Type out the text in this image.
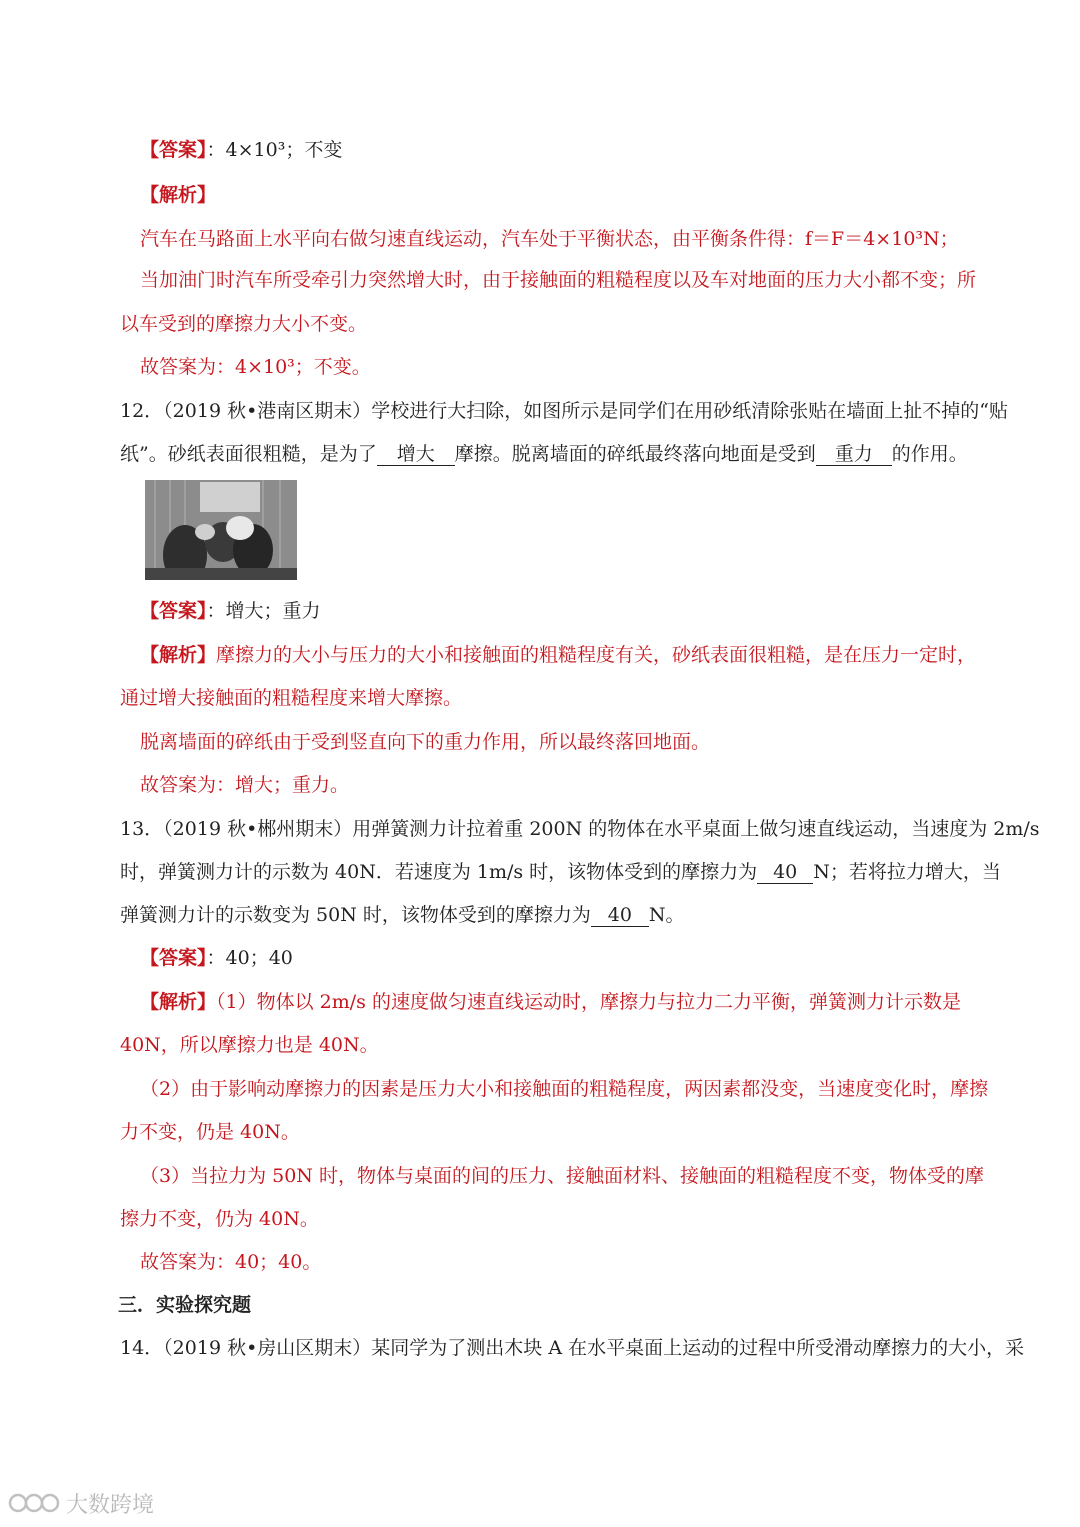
【答案】：4×10³；不变
【解析】
汽车在马路面上水平向右做匀速直线运动，汽车处于平衡状态，由平衡条件得：f＝F＝4×10³N；
当加油门时汽车所受牵引力突然增大时，由于接触面的粗糙程度以及车对地面的压力大小都不变；所
以车受到的摩擦力大小不变。
故答案为：4×10³；不变。
12．（2019 秋•港南区期末）学校进行大扫除，如图所示是同学们在用砂纸清除张贴在墙面上扯不掉的“贴
纸”。砂纸表面很粗糙，是为了 增大 摩擦。脱离墙面的碎纸最终落向地面是受到 重力 的作用。
【答案】：增大；重力
【解析】摩擦力的大小与压力的大小和接触面的粗糙程度有关，砂纸表面很粗糙，是在压力一定时，
通过增大接触面的粗糙程度来增大摩擦。
脱离墙面的碎纸由于受到竖直向下的重力作用，所以最终落回地面。
故答案为：增大；重力。
13．（2019 秋•郴州期末）用弹簧测力计拉着重 200N 的物体在水平桌面上做匀速直线运动，当速度为 2m/s
时，弹簧测力计的示数为 40N．若速度为 1m/s 时，该物体受到的摩擦力为 40 N；若将拉力增大，当
弹簧测力计的示数变为 50N 时，该物体受到的摩擦力为 40 N。
【答案】：40；40
【解析】（1）物体以 2m/s 的速度做匀速直线运动时，摩擦力与拉力二力平衡，弹簧测力计示数是
40N，所以摩擦力也是 40N。
（2）由于影响动摩擦力的因素是压力大小和接触面的粗糙程度，两因素都没变，当速度变化时，摩擦
力不变，仍是 40N。
（3）当拉力为 50N 时，物体与桌面的间的压力、接触面材料、接触面的粗糙程度不变，物体受的摩
擦力不变，仍为 40N。
故答案为：40；40。
三．实验探究题
14．（2019 秋•房山区期末）某同学为了测出木块 A 在水平桌面上运动的过程中所受滑动摩擦力的大小，采
大数跨境
